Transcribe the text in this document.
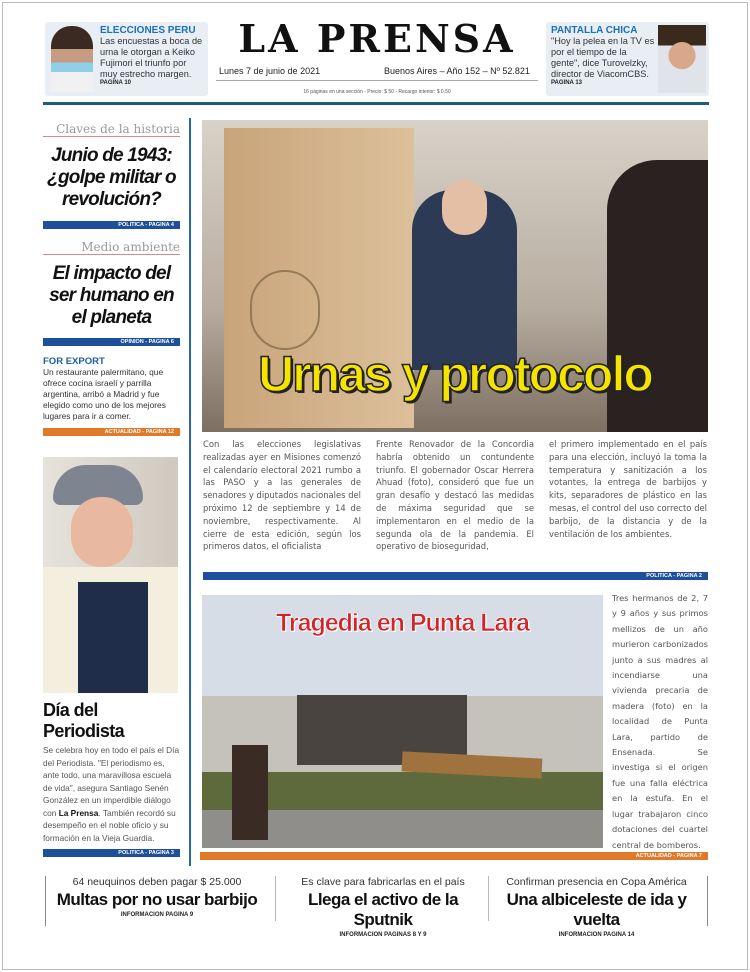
ELECCIONES PERU
Las encuestas a boca de urna le otorgan a Keiko Fujimori el triunfo por muy estrecho margen.
PAGINA 10
LA PRENSA
Lunes 7 de junio de 2021	Buenos Aires – Año 152 – Nº 52.821
16 páginas en una sección - Precio: $ 50 - Recargo interior: $ 0.50
PANTALLA CHICA
"Hoy la pelea en la TV es por el tiempo de la gente", dice Turovelzky, director de ViacomCBS.
PAGINA 13
Claves de la historia
Junio de 1943: ¿golpe militar o revolución?
POLITICA - PAGINA 4
Medio ambiente
El impacto del ser humano en el planeta
OPINION - PAGINA 6
FOR EXPORT
Un restaurante palermitano, que ofrece cocina israelí y parrilla argentina, arribó a Madrid y fue elegido como uno de los mejores lugares para ir a comer.
ACTUALIDAD - PAGINA 12
Día del Periodista
Se celebra hoy en todo el país el Día del Periodista. "El periodismo es, ante todo, una maravillosa escuela de vida", asegura Santiago Senén González en un imperdible diálogo con La Prensa. También recordó su desempeño en el noble oficio y su formación en la Vieja Guardia.
POLITICA - PAGINA 3
Urnas y protocolo
Con las elecciones legislativas realizadas ayer en Misiones comenzó el calendario electoral 2021 rumbo a las PASO y a las generales de senadores y diputados nacionales del próximo 12 de septiembre y 14 de noviembre, respectivamente. Al cierre de esta edición, según los primeros datos, el oficialista
Frente Renovador de la Concordia habría obtenido un contundente triunfo. El gobernador Oscar Herrera Ahuad (foto), consideró que fue un gran desafío y destacó las medidas de máxima seguridad que se implementaron en el medio de la segunda ola de la pandemia. El operativo de bioseguridad,
el primero implementado en el país para una elección, incluyó la toma la temperatura y sanitización a los votantes, la entrega de barbijos y kits, separadores de plástico en las mesas, el control del uso correcto del barbijo, de la distancia y de la ventilación de los ambientes.
POLITICA - PAGINA 2
Tragedia en Punta Lara
Tres hermanos de 2, 7 y 9 años y sus primos mellizos de un año murieron carbonizados junto a sus madres al incendiarse una vivienda precaria de madera (foto) en la localidad de Punta Lara, partido de Ensenada. Se investiga si el origen fue una falla eléctrica en la estufa. En el lugar trabajaron cinco dotaciones del cuartel central de bomberos.
ACTUALIDAD - PAGINA 7
64 neuquinos deben pagar $ 25.000
Multas por no usar barbijo
INFORMACION PAGINA 9
Es clave para fabricarlas en el país
Llega el activo de la Sputnik
INFORMACION PAGINAS 8 Y 9
Confirman presencia en Copa América
Una albiceleste de ida y vuelta
INFORMACION PAGINA 14
